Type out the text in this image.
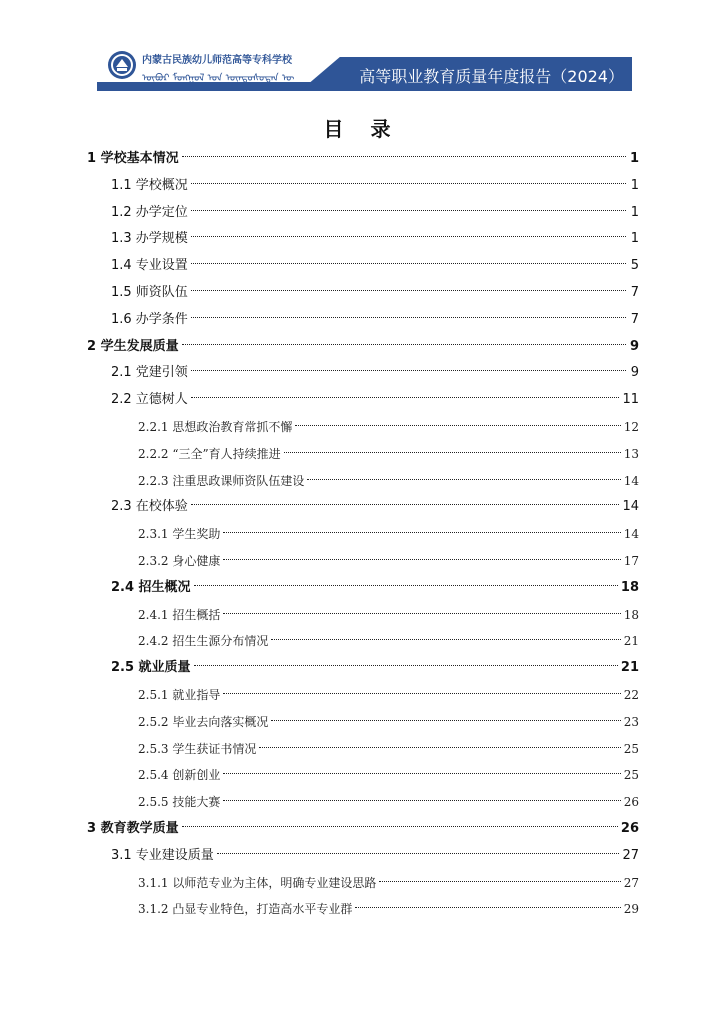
高等职业教育质量年度报告（2024）
内蒙古民族幼儿师范高等专科学校
ᠥᠪᠦᠷ ᠮᠣᠩᠭᠣᠯ ᠤᠨ ᠦᠨᠳᠦᠰᠦᠲᠡᠨ ᠦ
目 录
1 学校基本情况	1
1.1 学校概况	1
1.2 办学定位	1
1.3 办学规模	1
1.4 专业设置	5
1.5 师资队伍	7
1.6 办学条件	7
2 学生发展质量	9
2.1 党建引领	9
2.2 立德树人	11
2.2.1 思想政治教育常抓不懈	12
2.2.2 “三全”育人持续推进	13
2.2.3 注重思政课师资队伍建设	14
2.3 在校体验	14
2.3.1 学生奖助	14
2.3.2 身心健康	17
2.4 招生概况	18
2.4.1 招生概括	18
2.4.2 招生生源分布情况	21
2.5 就业质量	21
2.5.1 就业指导	22
2.5.2 毕业去向落实概况	23
2.5.3 学生获证书情况	25
2.5.4 创新创业	25
2.5.5 技能大赛	26
3 教育教学质量	26
3.1 专业建设质量	27
3.1.1 以师范专业为主体，明确专业建设思路	27
3.1.2 凸显专业特色，打造高水平专业群	29
